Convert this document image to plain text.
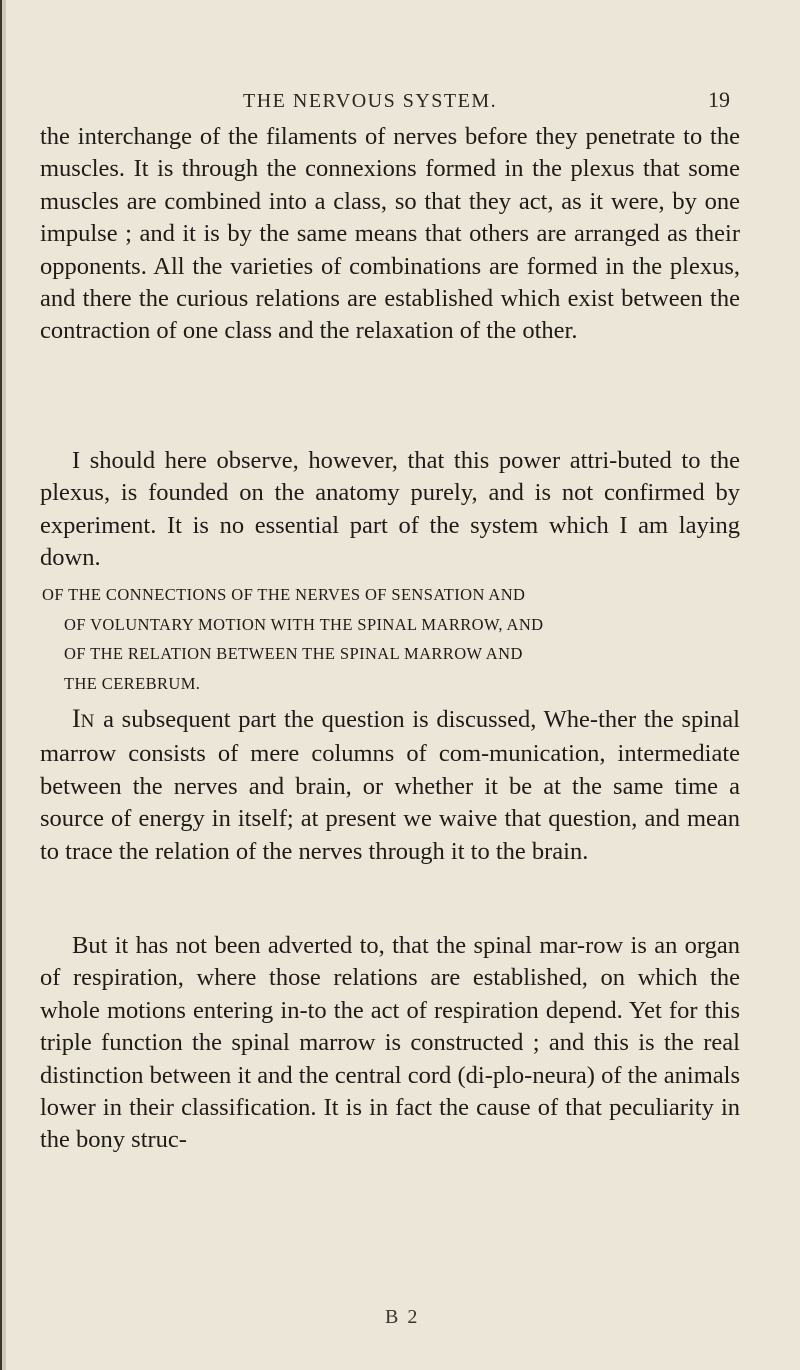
THE NERVOUS SYSTEM.	19

the interchange of the filaments of nerves before they penetrate to the muscles. It is through the connexions formed in the plexus that some muscles are combined into a class, so that they act, as it were, by one impulse ; and it is by the same means that others are arranged as their opponents. All the varieties of combinations are formed in the plexus, and there the curious relations are established which exist between the contraction of one class and the relaxation of the other.

I should here observe, however, that this power attri-buted to the plexus, is founded on the anatomy purely, and is not confirmed by experiment. It is no essential part of the system which I am laying down.

OF THE CONNECTIONS OF THE NERVES OF SENSATION AND
OF VOLUNTARY MOTION WITH THE SPINAL MARROW, AND
OF THE RELATION BETWEEN THE SPINAL MARROW AND
THE CEREBRUM.

IN a subsequent part the question is discussed, Whe-ther the spinal marrow consists of mere columns of com-munication, intermediate between the nerves and brain, or whether it be at the same time a source of energy in itself; at present we waive that question, and mean to trace the relation of the nerves through it to the brain.

But it has not been adverted to, that the spinal mar-row is an organ of respiration, where those relations are established, on which the whole motions entering in-to the act of respiration depend. Yet for this triple function the spinal marrow is constructed ; and this is the real distinction between it and the central cord (di-plo-neura) of the animals lower in their classification. It is in fact the cause of that peculiarity in the bony struc-

B 2
